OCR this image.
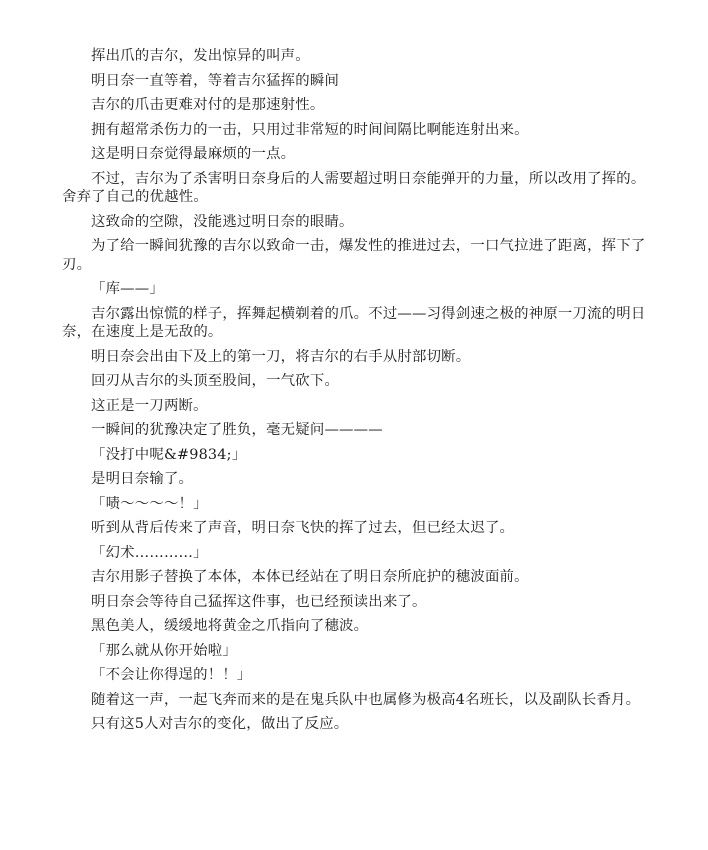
挥出爪的吉尔，发出惊异的叫声。

明日奈一直等着，等着吉尔猛挥的瞬间

吉尔的爪击更难对付的是那速射性。

拥有超常杀伤力的一击，只用过非常短的时间间隔比啊能连射出来。

这是明日奈觉得最麻烦的一点。

不过，吉尔为了杀害明日奈身后的人需要超过明日奈能弹开的力量，所以改用了挥的。舍弃了自己的优越性。

这致命的空隙，没能逃过明日奈的眼睛。

为了给一瞬间犹豫的吉尔以致命一击，爆发性的推进过去，一口气拉进了距离，挥下了刃。

「库——」

吉尔露出惊慌的样子，挥舞起横剃着的爪。不过——习得剑速之极的神原一刀流的明日奈，在速度上是无敌的。

明日奈会出由下及上的第一刀，将吉尔的右手从肘部切断。

回刃从吉尔的头顶至股间，一气砍下。

这正是一刀两断。

一瞬间的犹豫决定了胜负，毫无疑问————

「没打中呢&#9834;」

是明日奈输了。

「啧～～～～！」

听到从背后传来了声音，明日奈飞快的挥了过去，但已经太迟了。

「幻术…………」

吉尔用影子替换了本体，本体已经站在了明日奈所庇护的穗波面前。

明日奈会等待自己猛挥这件事，也已经预读出来了。

黑色美人，缓缓地将黄金之爪指向了穗波。

「那么就从你开始啦」

「不会让你得逞的！！」

随着这一声，一起飞奔而来的是在鬼兵队中也属修为极高4名班长，以及副队长香月。

只有这5人对吉尔的变化，做出了反应。
